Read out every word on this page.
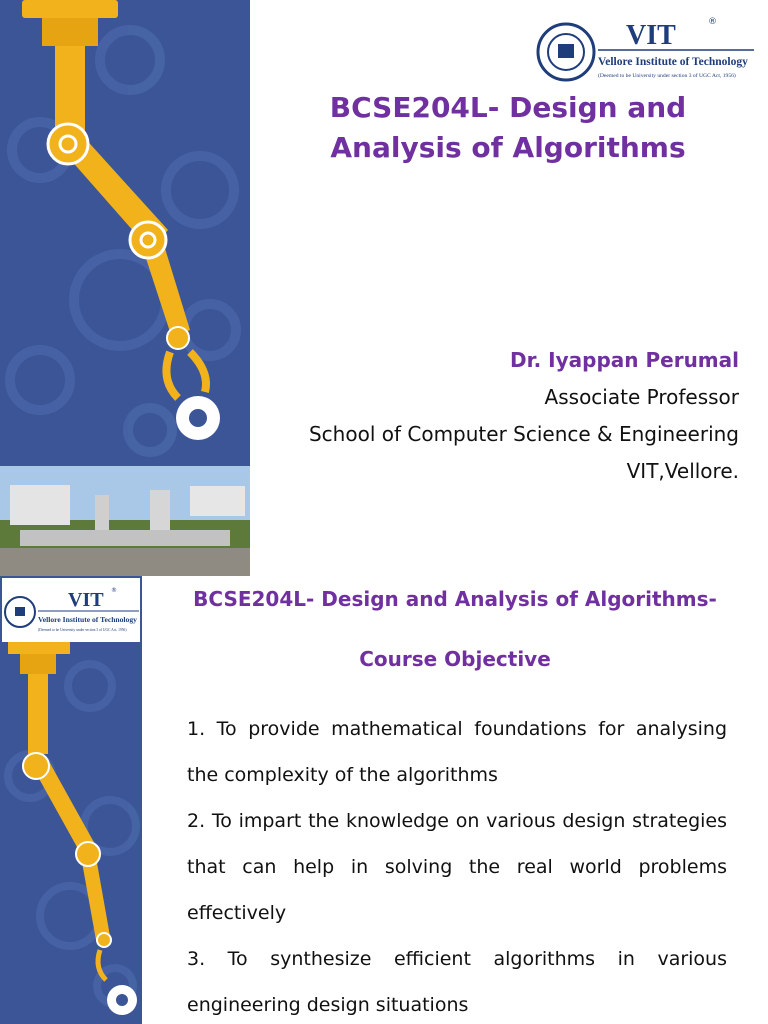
VIT	®
Vellore Institute of Technology
(Deemed to be University under section 3 of UGC Act, 1956)
BCSE204L- Design and
Analysis of Algorithms
Dr. Iyappan Perumal
Associate Professor
School of Computer Science & Engineering
VIT,Vellore.
VIT ®
Vellore Institute of Technology
(Deemed to be University under section 3 of UGC Act, 1956)
BCSE204L- Design and Analysis of Algorithms-
Course Objective

1. To provide mathematical foundations for analysing the complexity of the algorithms

2. To impart the knowledge on various design strategies that can help in solving the real world problems effectively

3. To synthesize efficient algorithms in various engineering design situations
